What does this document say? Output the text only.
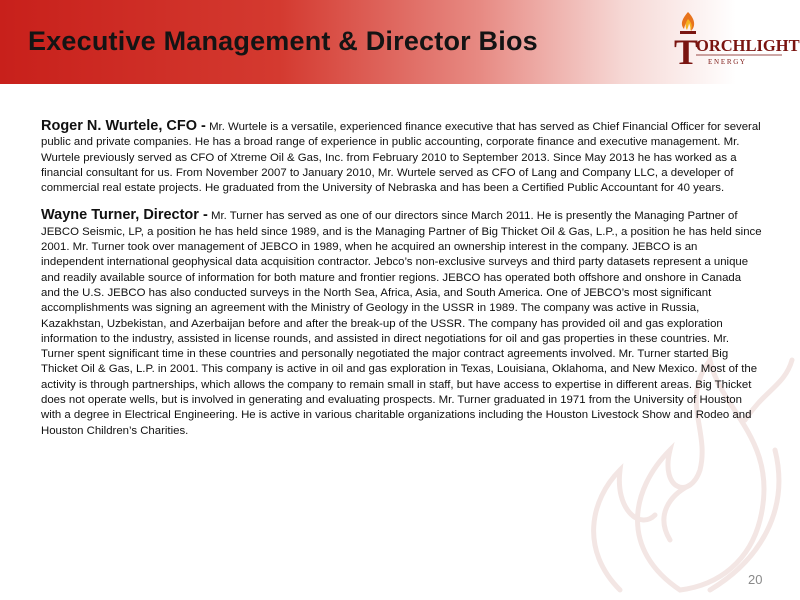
Executive Management & Director Bios	T
ORCHLIGHT
E N E R G Y

Roger N. Wurtele, CFO - Mr. Wurtele is a versatile, experienced finance executive that has served as Chief Financial Officer for several public and private companies. He has a broad range of experience in public accounting, corporate finance and executive management. Mr. Wurtele previously served as CFO of Xtreme Oil & Gas, Inc. from February 2010 to September 2013. Since May 2013 he has worked as a financial consultant for us. From November 2007 to January 2010, Mr. Wurtele served as CFO of Lang and Company LLC, a developer of commercial real estate projects. He graduated from the University of Nebraska and has been a Certified Public Accountant for 40 years.

Wayne Turner, Director - Mr. Turner has served as one of our directors since March 2011. He is presently the Managing Partner of JEBCO Seismic, LP, a position he has held since 1989, and is the Managing Partner of Big Thicket Oil & Gas, L.P., a position he has held since 2001. Mr. Turner took over management of JEBCO in 1989, when he acquired an ownership interest in the company. JEBCO is an independent international geophysical data acquisition contractor. Jebco’s non-exclusive surveys and third party datasets represent a unique and readily available source of information for both mature and frontier regions. JEBCO has operated both offshore and onshore in Canada and the U.S. JEBCO has also conducted surveys in the North Sea, Africa, Asia, and South America. One of JEBCO’s most significant accomplishments was signing an agreement with the Ministry of Geology in the USSR in 1989. The company was active in Russia, Kazakhstan, Uzbekistan, and Azerbaijan before and after the break-up of the USSR. The company has provided oil and gas exploration information to the industry, assisted in license rounds, and assisted in direct negotiations for oil and gas properties in these countries. Mr. Turner spent significant time in these countries and personally negotiated the major contract agreements involved. Mr. Turner started Big Thicket Oil & Gas, L.P. in 2001. This company is active in oil and gas exploration in Texas, Louisiana, Oklahoma, and New Mexico. Most of the activity is through partnerships, which allows the company to remain small in staff, but have access to expertise in different areas. Big Thicket does not operate wells, but is involved in generating and evaluating prospects. Mr. Turner graduated in 1971 from the University of Houston with a degree in Electrical Engineering. He is active in various charitable organizations including the Houston Livestock Show and Rodeo and Houston Children’s Charities.

20
